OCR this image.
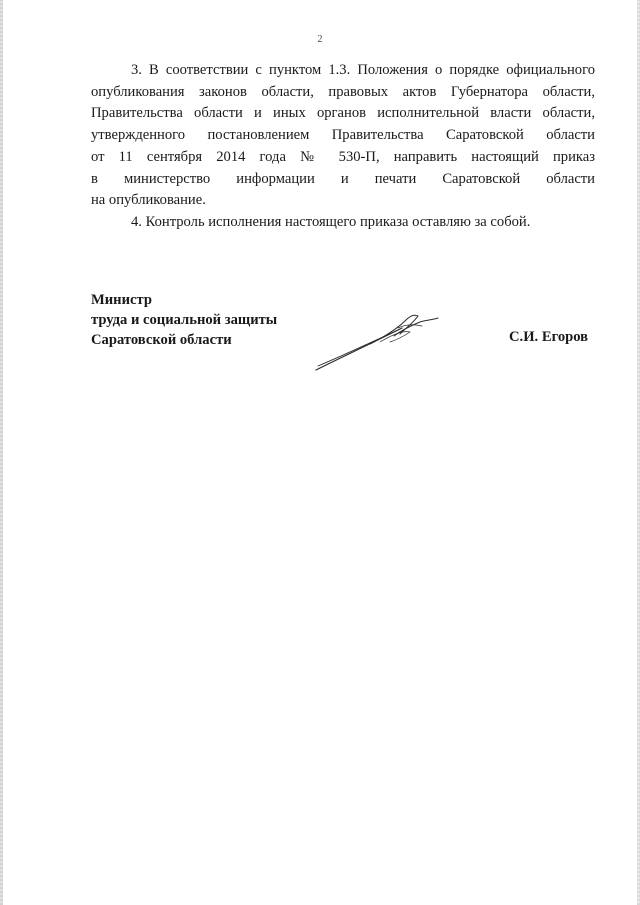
2
3. В соответствии с пунктом 1.3. Положения о порядке официального
опубликования законов области, правовых актов Губернатора области,
Правительства области и иных органов исполнительной власти области,
утвержденного постановлением Правительства Саратовской области
от 11 сентября 2014 года № 530-П, направить настоящий приказ
в министерство информации и печати Саратовской области
на опубликование.

4. Контроль исполнения настоящего приказа оставляю за собой.

Министр
труда и социальной защиты
Саратовской области	С.И. Егоров
